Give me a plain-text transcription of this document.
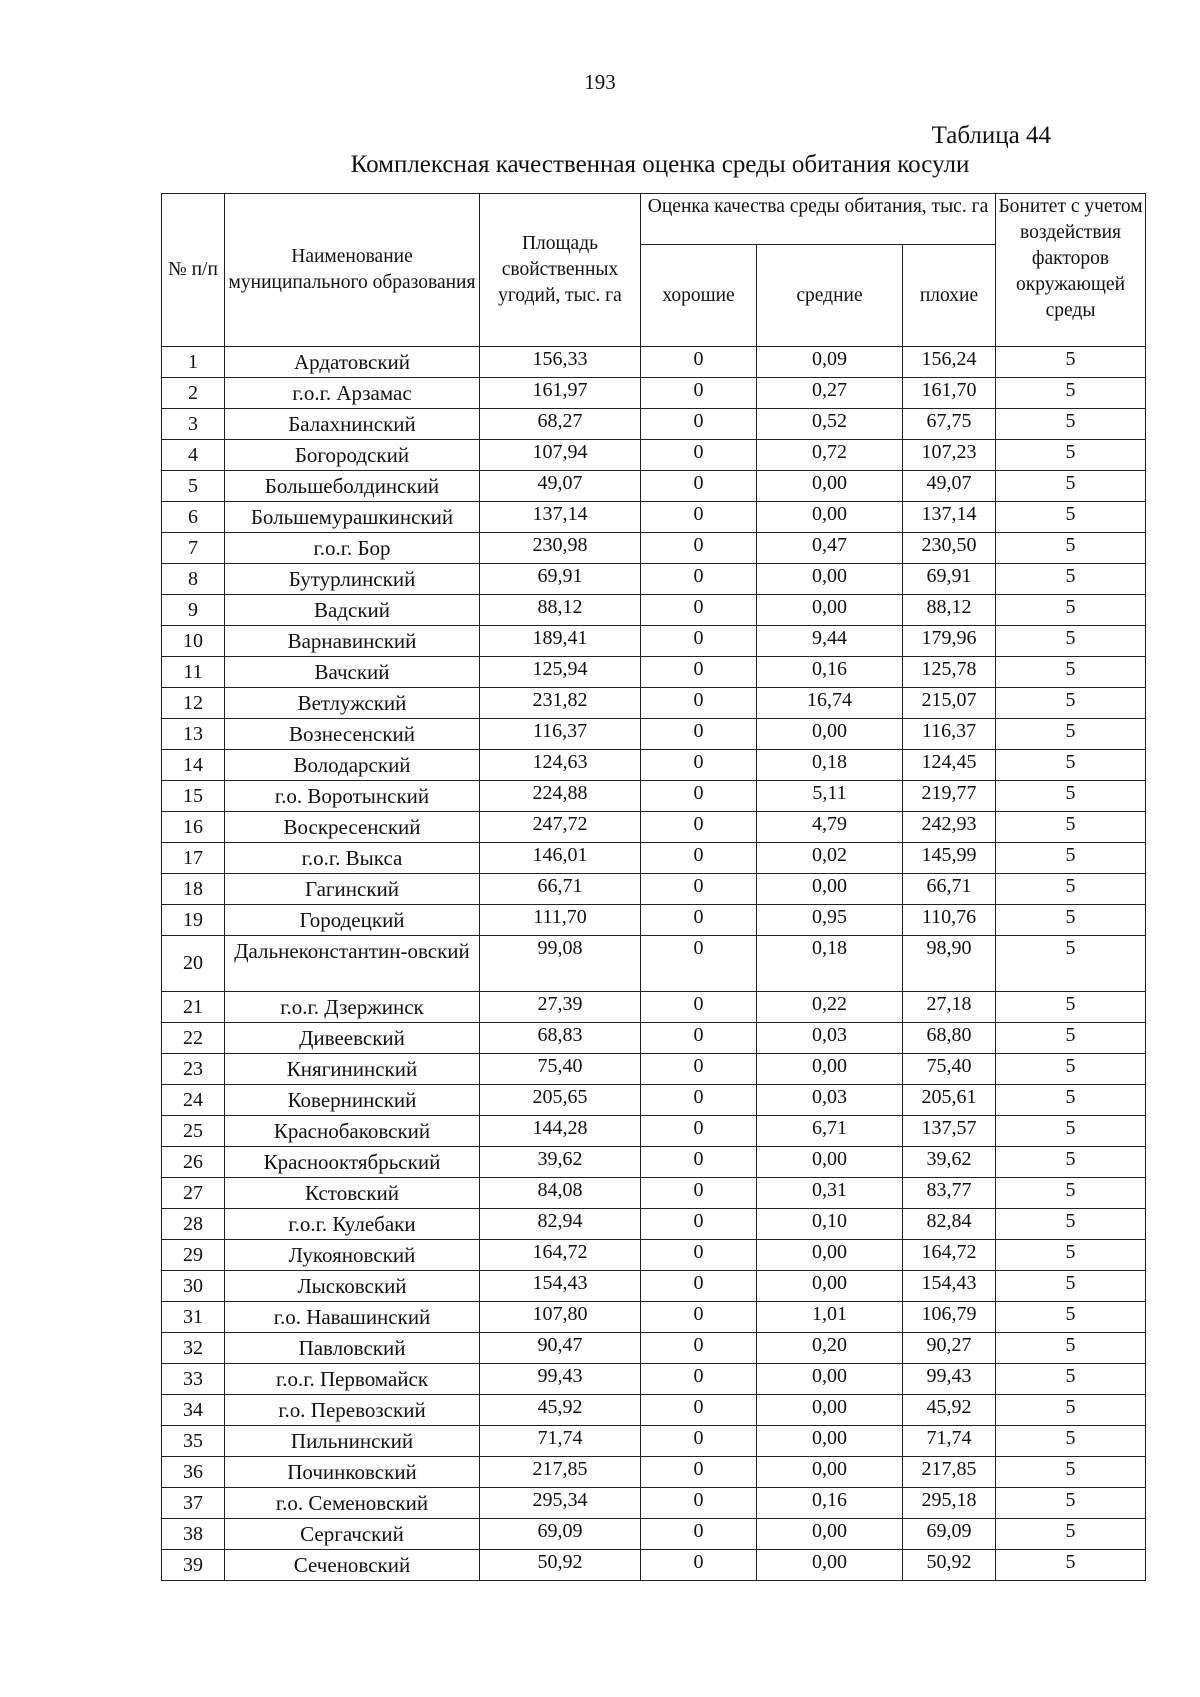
193
Таблица 44
Комплексная качественная оценка среды обитания косули
№ п/п	Наименование муниципального образования	Площадь свойственных угодий, тыс. га	Оценка качества среды обитания, тыс. га			Бонитет с учетом воздействия факторов окружающей среды
			хорошие	средние	плохие	
1	Ардатовский	156,33	0	0,09	156,24	5
2	г.о.г. Арзамас	161,97	0	0,27	161,70	5
3	Балахнинский	68,27	0	0,52	67,75	5
4	Богородский	107,94	0	0,72	107,23	5
5	Большеболдинский	49,07	0	0,00	49,07	5
6	Большемурашкинский	137,14	0	0,00	137,14	5
7	г.о.г. Бор	230,98	0	0,47	230,50	5
8	Бутурлинский	69,91	0	0,00	69,91	5
9	Вадский	88,12	0	0,00	88,12	5
10	Варнавинский	189,41	0	9,44	179,96	5
11	Вачский	125,94	0	0,16	125,78	5
12	Ветлужский	231,82	0	16,74	215,07	5
13	Вознесенский	116,37	0	0,00	116,37	5
14	Володарский	124,63	0	0,18	124,45	5
15	г.о. Воротынский	224,88	0	5,11	219,77	5
16	Воскресенский	247,72	0	4,79	242,93	5
17	г.о.г. Выкса	146,01	0	0,02	145,99	5
18	Гагинский	66,71	0	0,00	66,71	5
19	Городецкий	111,70	0	0,95	110,76	5
20	Дальнеконстантин-овский	99,08	0	0,18	98,90	5
21	г.о.г. Дзержинск	27,39	0	0,22	27,18	5
22	Дивеевский	68,83	0	0,03	68,80	5
23	Княгининский	75,40	0	0,00	75,40	5
24	Ковернинский	205,65	0	0,03	205,61	5
25	Краснобаковский	144,28	0	6,71	137,57	5
26	Краснооктябрьский	39,62	0	0,00	39,62	5
27	Кстовский	84,08	0	0,31	83,77	5
28	г.о.г. Кулебаки	82,94	0	0,10	82,84	5
29	Лукояновский	164,72	0	0,00	164,72	5
30	Лысковский	154,43	0	0,00	154,43	5
31	г.о. Навашинский	107,80	0	1,01	106,79	5
32	Павловский	90,47	0	0,20	90,27	5
33	г.о.г. Первомайск	99,43	0	0,00	99,43	5
34	г.о. Перевозский	45,92	0	0,00	45,92	5
35	Пильнинский	71,74	0	0,00	71,74	5
36	Починковский	217,85	0	0,00	217,85	5
37	г.о. Семеновский	295,34	0	0,16	295,18	5
38	Сергачский	69,09	0	0,00	69,09	5
39	Сеченовский	50,92	0	0,00	50,92	5
